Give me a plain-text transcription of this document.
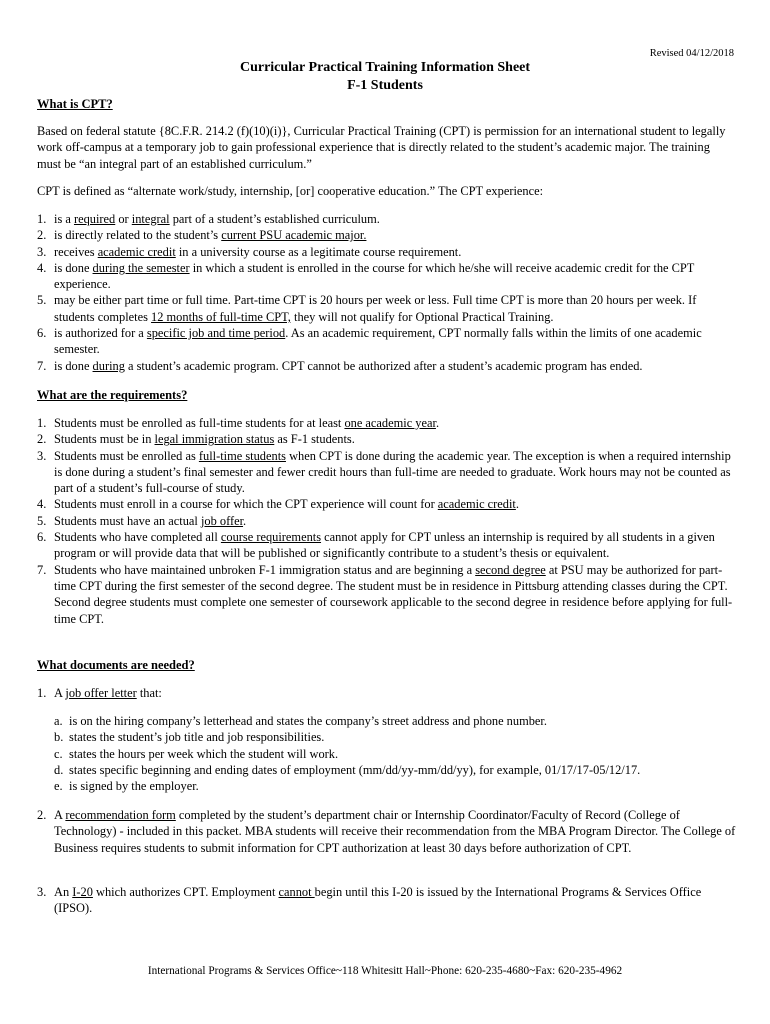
Revised 04/12/2018
Curricular Practical Training Information Sheet
F-1 Students
What is CPT?
Based on federal statute {8C.F.R. 214.2 (f)(10)(i)}, Curricular Practical Training (CPT) is permission for an international student to legally work off-campus at a temporary job to gain professional experience that is directly related to the student’s academic major. The training must be “an integral part of an established curriculum.”
CPT is defined as “alternate work/study, internship, [or] cooperative education.” The CPT experience:
1. is a required or integral part of a student’s established curriculum.
2. is directly related to the student’s current PSU academic major.
3. receives academic credit in a university course as a legitimate course requirement.
4. is done during the semester in which a student is enrolled in the course for which he/she will receive academic credit for the CPT experience.
5. may be either part time or full time. Part-time CPT is 20 hours per week or less. Full time CPT is more than 20 hours per week. If students completes 12 months of full-time CPT, they will not qualify for Optional Practical Training.
6. is authorized for a specific job and time period. As an academic requirement, CPT normally falls within the limits of one academic semester.
7. is done during a student’s academic program. CPT cannot be authorized after a student’s academic program has ended.
What are the requirements?
1. Students must be enrolled as full-time students for at least one academic year.
2. Students must be in legal immigration status as F-1 students.
3. Students must be enrolled as full-time students when CPT is done during the academic year. The exception is when a required internship is done during a student’s final semester and fewer credit hours than full-time are needed to graduate. Work hours may not be counted as part of a student’s full-course of study.
4. Students must enroll in a course for which the CPT experience will count for academic credit.
5. Students must have an actual job offer.
6. Students who have completed all course requirements cannot apply for CPT unless an internship is required by all students in a given program or will provide data that will be published or significantly contribute to a student’s thesis or equivalent.
7. Students who have maintained unbroken F-1 immigration status and are beginning a second degree at PSU may be authorized for part-time CPT during the first semester of the second degree. The student must be in residence in Pittsburg attending classes during the CPT. Second degree students must complete one semester of coursework applicable to the second degree in residence before applying for full-time CPT.
What documents are needed?
1. A job offer letter that:
a. is on the hiring company’s letterhead and states the company’s street address and phone number.
b. states the student’s job title and job responsibilities.
c. states the hours per week which the student will work.
d. states specific beginning and ending dates of employment (mm/dd/yy-mm/dd/yy), for example, 01/17/17-05/12/17.
e. is signed by the employer.
2. A recommendation form completed by the student’s department chair or Internship Coordinator/Faculty of Record (College of Technology) - included in this packet. MBA students will receive their recommendation from the MBA Program Director. The College of Business requires students to submit information for CPT authorization at least 30 days before authorization of CPT.
3. An I-20 which authorizes CPT. Employment cannot begin until this I-20 is issued by the International Programs & Services Office (IPSO).
International Programs & Services Office~118 Whitesitt Hall~Phone: 620-235-4680~Fax: 620-235-4962
